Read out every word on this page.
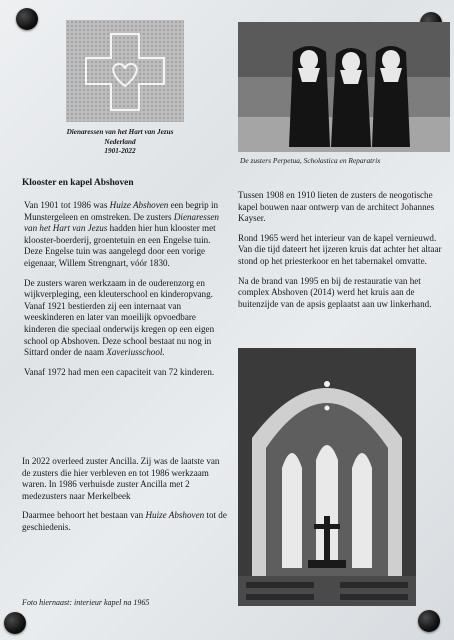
Dienaressen van het Hart van Jezus
Nederland
1901-2022
De zusters Perpetua, Scholastica en Reparatrix
Klooster en kapel Abshoven

Van 1901 tot 1986 was Huize Abshoven een begrip in Munstergeleen en omstreken. De zusters Dienaressen van het Hart van Jezus hadden hier hun klooster met klooster-boerderij, groentetuin en een Engelse tuin. Deze Engelse tuin was aangelegd door een vorige eigenaar, Willem Strengnart, vóór 1830.

De zusters waren werkzaam in de ouderenzorg en wijkverpleging, een kleuterschool en kinderopvang. Vanaf 1921 bestierden zij een internaat van weeskinderen en later van moeilijk opvoedbare kinderen die speciaal onderwijs kregen op een eigen school op Abshoven. Deze school bestaat nu nog in Sittard onder de naam Xaveriusschool.

Vanaf 1972 had men een capaciteit van 72 kinderen.

In 2022 overleed zuster Ancilla. Zij was de laatste van de zusters die hier verbleven en tot 1986 werkzaam waren. In 1986 verhuisde zuster Ancilla met 2 medezusters naar Merkelbeek

Daarmee behoort het bestaan van Huize Abshoven tot de geschiedenis.

Tussen 1908 en 1910 lieten de zusters de neogotische kapel bouwen naar ontwerp van de architect Johannes Kayser.

Rond 1965 werd het interieur van de kapel vernieuwd. Van die tijd dateert het ijzeren kruis dat achter het altaar stond op het priesterkoor en het tabernakel omvatte.

Na de brand van 1995 en bij de restauratie van het complex Abshoven (2014) werd het kruis aan de buitenzijde van de apsis geplaatst aan uw linkerhand.

Foto hiernaast: interieur kapel na 1965
